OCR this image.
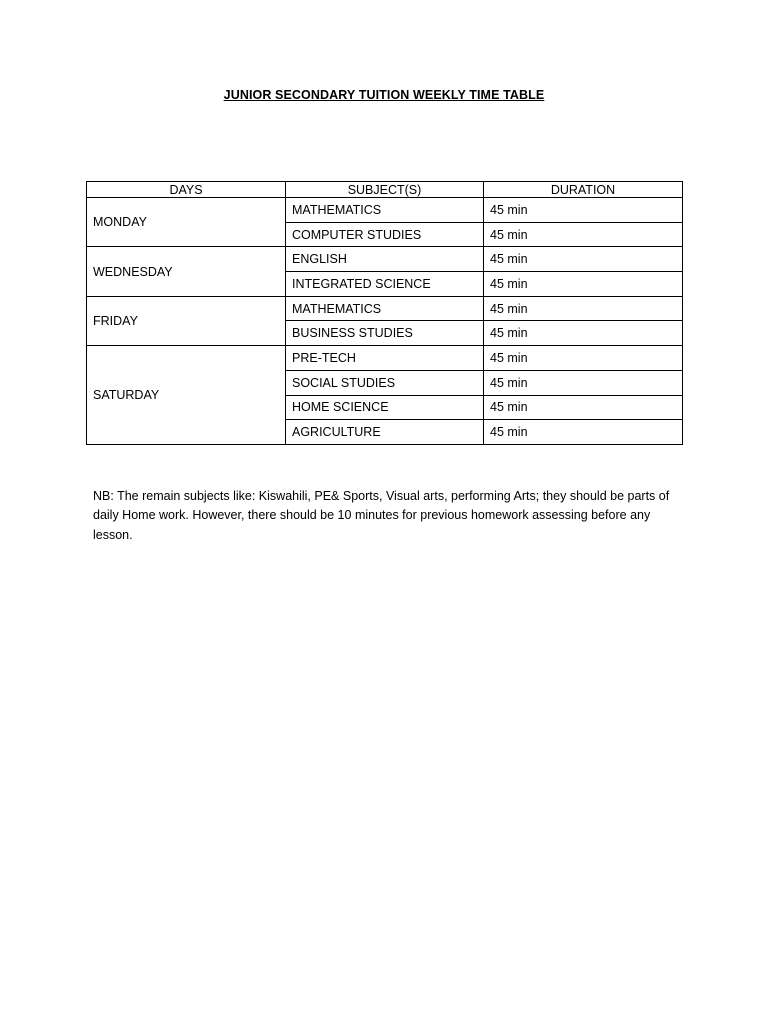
JUNIOR SECONDARY TUITION WEEKLY TIME TABLE
DAYS	SUBJECT(S)	DURATION
MONDAY	MATHEMATICS	45 min
	COMPUTER STUDIES	45 min
WEDNESDAY	ENGLISH	45 min
	INTEGRATED SCIENCE	45 min
FRIDAY	MATHEMATICS	45 min
	BUSINESS STUDIES	45 min
SATURDAY	PRE-TECH	45 min
	SOCIAL STUDIES	45 min
	HOME SCIENCE	45 min
	AGRICULTURE	45 min

NB: The remain subjects like: Kiswahili, PE& Sports, Visual arts, performing Arts; they should be parts of daily Home work. However, there should be 10 minutes for previous homework assessing before any lesson.
